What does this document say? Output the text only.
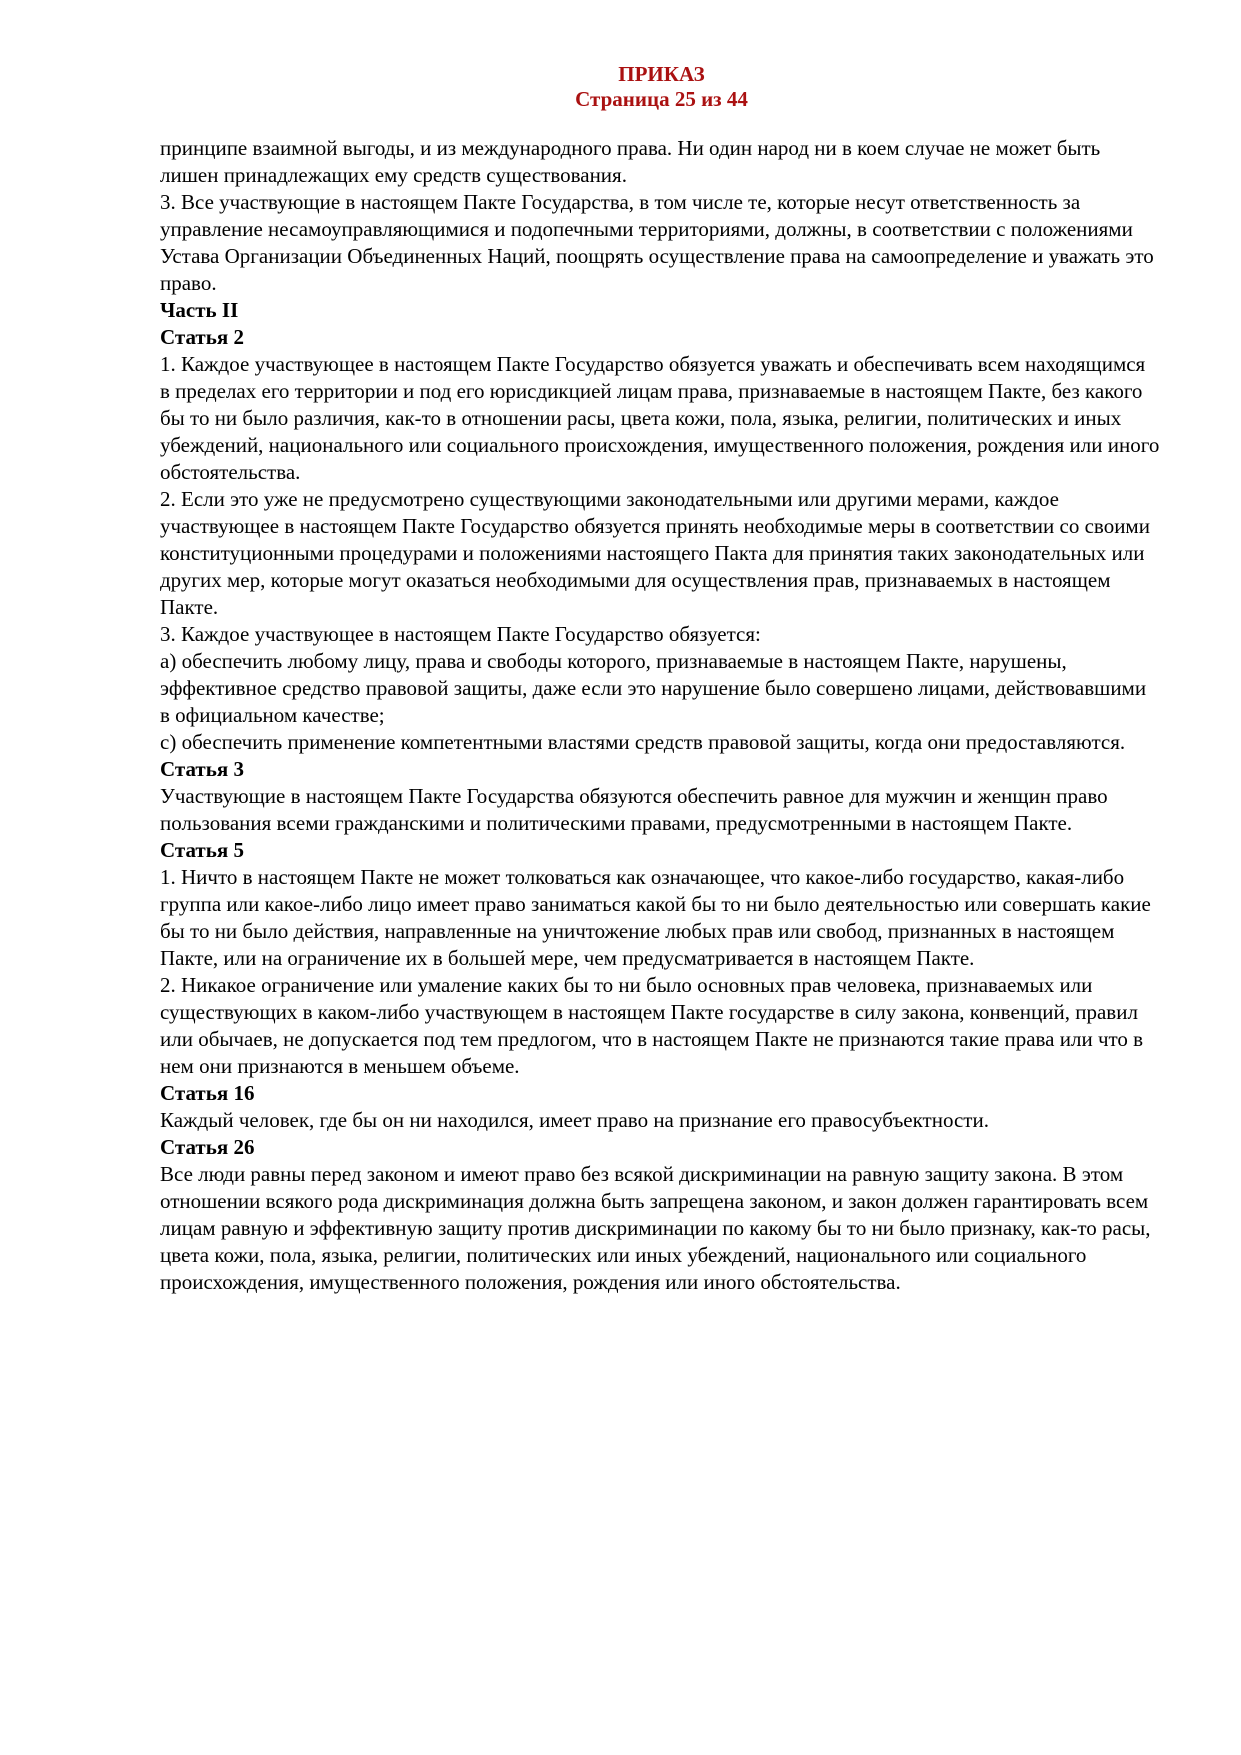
ПРИКАЗ
Страница 25 из 44

принципе взаимной выгоды, и из международного права. Ни один народ ни в коем случае не может быть лишен принадлежащих ему средств существования.

3. Все участвующие в настоящем Пакте Государства, в том числе те, которые несут ответственность за управление несамоуправляющимися и подопечными территориями, должны, в соответствии с положениями Устава Организации Объединенных Наций, поощрять осуществление права на самоопределение и уважать это право.

Часть II

Статья 2

1. Каждое участвующее в настоящем Пакте Государство обязуется уважать и обеспечивать всем находящимся в пределах его территории и под его юрисдикцией лицам права, признаваемые в настоящем Пакте, без какого бы то ни было различия, как-то в отношении расы, цвета кожи, пола, языка, религии, политических и иных убеждений, национального или социального происхождения, имущественного положения, рождения или иного обстоятельства.

2. Если это уже не предусмотрено существующими законодательными или другими мерами, каждое участвующее в настоящем Пакте Государство обязуется принять необходимые меры в соответствии со своими конституционными процедурами и положениями настоящего Пакта для принятия таких законодательных или других мер, которые могут оказаться необходимыми для осуществления прав, признаваемых в настоящем Пакте.

3. Каждое участвующее в настоящем Пакте Государство обязуется:

a) обеспечить любому лицу, права и свободы которого, признаваемые в настоящем Пакте, нарушены, эффективное средство правовой защиты, даже если это нарушение было совершено лицами, действовавшими в официальном качестве;

c) обеспечить применение компетентными властями средств правовой защиты, когда они предоставляются.

Статья 3

Участвующие в настоящем Пакте Государства обязуются обеспечить равное для мужчин и женщин право пользования всеми гражданскими и политическими правами, предусмотренными в настоящем Пакте.

Статья 5

1. Ничто в настоящем Пакте не может толковаться как означающее, что какое-либо государство, какая-либо группа или какое-либо лицо имеет право заниматься какой бы то ни было деятельностью или совершать какие бы то ни было действия, направленные на уничтожение любых прав или свобод, признанных в настоящем Пакте, или на ограничение их в большей мере, чем предусматривается в настоящем Пакте.

2. Никакое ограничение или умаление каких бы то ни было основных прав человека, признаваемых или существующих в каком-либо участвующем в настоящем Пакте государстве в силу закона, конвенций, правил или обычаев, не допускается под тем предлогом, что в настоящем Пакте не признаются такие права или что в нем они признаются в меньшем объеме.

Статья 16

Каждый человек, где бы он ни находился, имеет право на признание его правосубъектности.

Статья 26

Все люди равны перед законом и имеют право без всякой дискриминации на равную защиту закона. В этом отношении всякого рода дискриминация должна быть запрещена законом, и закон должен гарантировать всем лицам равную и эффективную защиту против дискриминации по какому бы то ни было признаку, как-то расы, цвета кожи, пола, языка, религии, политических или иных убеждений, национального или социального происхождения, имущественного положения, рождения или иного обстоятельства.
